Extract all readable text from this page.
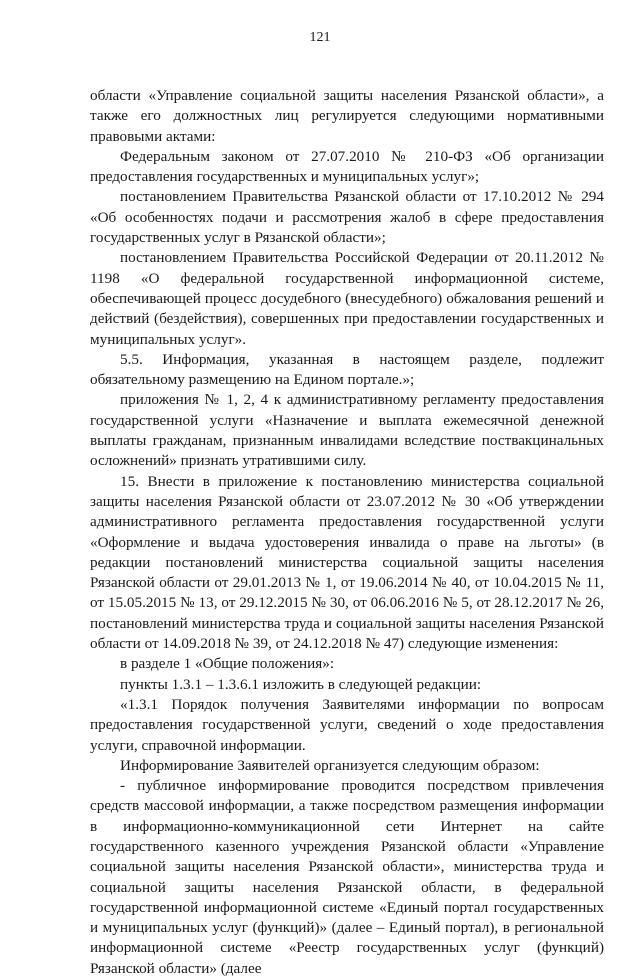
121

области «Управление социальной защиты населения Рязанской области», а также его должностных лиц регулируется следующими нормативными правовыми актами:

Федеральным законом от 27.07.2010 № 210-ФЗ «Об организации предоставления государственных и муниципальных услуг»;

постановлением Правительства Рязанской области от 17.10.2012 № 294 «Об особенностях подачи и рассмотрения жалоб в сфере предоставления государственных услуг в Рязанской области»;

постановлением Правительства Российской Федерации от 20.11.2012 № 1198 «О федеральной государственной информационной системе, обеспечивающей процесс досудебного (внесудебного) обжалования решений и действий (бездействия), совершенных при предоставлении государственных и муниципальных услуг».

5.5. Информация, указанная в настоящем разделе, подлежит обязательному размещению на Едином портале.»;

приложения № 1, 2, 4 к административному регламенту предоставления государственной услуги «Назначение и выплата ежемесячной денежной выплаты гражданам, признанным инвалидами вследствие поствакцинальных осложнений» признать утратившими силу.

15. Внести в приложение к постановлению министерства социальной защиты населения Рязанской области от 23.07.2012 № 30 «Об утверждении административного регламента предоставления государственной услуги «Оформление и выдача удостоверения инвалида о праве на льготы» (в редакции постановлений министерства социальной защиты населения Рязанской области от 29.01.2013 № 1, от 19.06.2014 № 40, от 10.04.2015 № 11, от 15.05.2015 № 13, от 29.12.2015 № 30, от 06.06.2016 № 5, от 28.12.2017 № 26, постановлений министерства труда и социальной защиты населения Рязанской области от 14.09.2018 № 39, от 24.12.2018 № 47) следующие изменения:

в разделе 1 «Общие положения»:

пункты 1.3.1 – 1.3.6.1 изложить в следующей редакции:

«1.3.1 Порядок получения Заявителями информации по вопросам предоставления государственной услуги, сведений о ходе предоставления услуги, справочной информации.

Информирование Заявителей организуется следующим образом:

- публичное информирование проводится посредством привлечения средств массовой информации, а также посредством размещения информации в информационно-коммуникационной сети Интернет на сайте государственного казенного учреждения Рязанской области «Управление социальной защиты населения Рязанской области», министерства труда и социальной защиты населения Рязанской области, в федеральной государственной информационной системе «Единый портал государственных и муниципальных услуг (функций)» (далее – Единый портал), в региональной информационной системе «Реестр государственных услуг (функций) Рязанской области» (далее
